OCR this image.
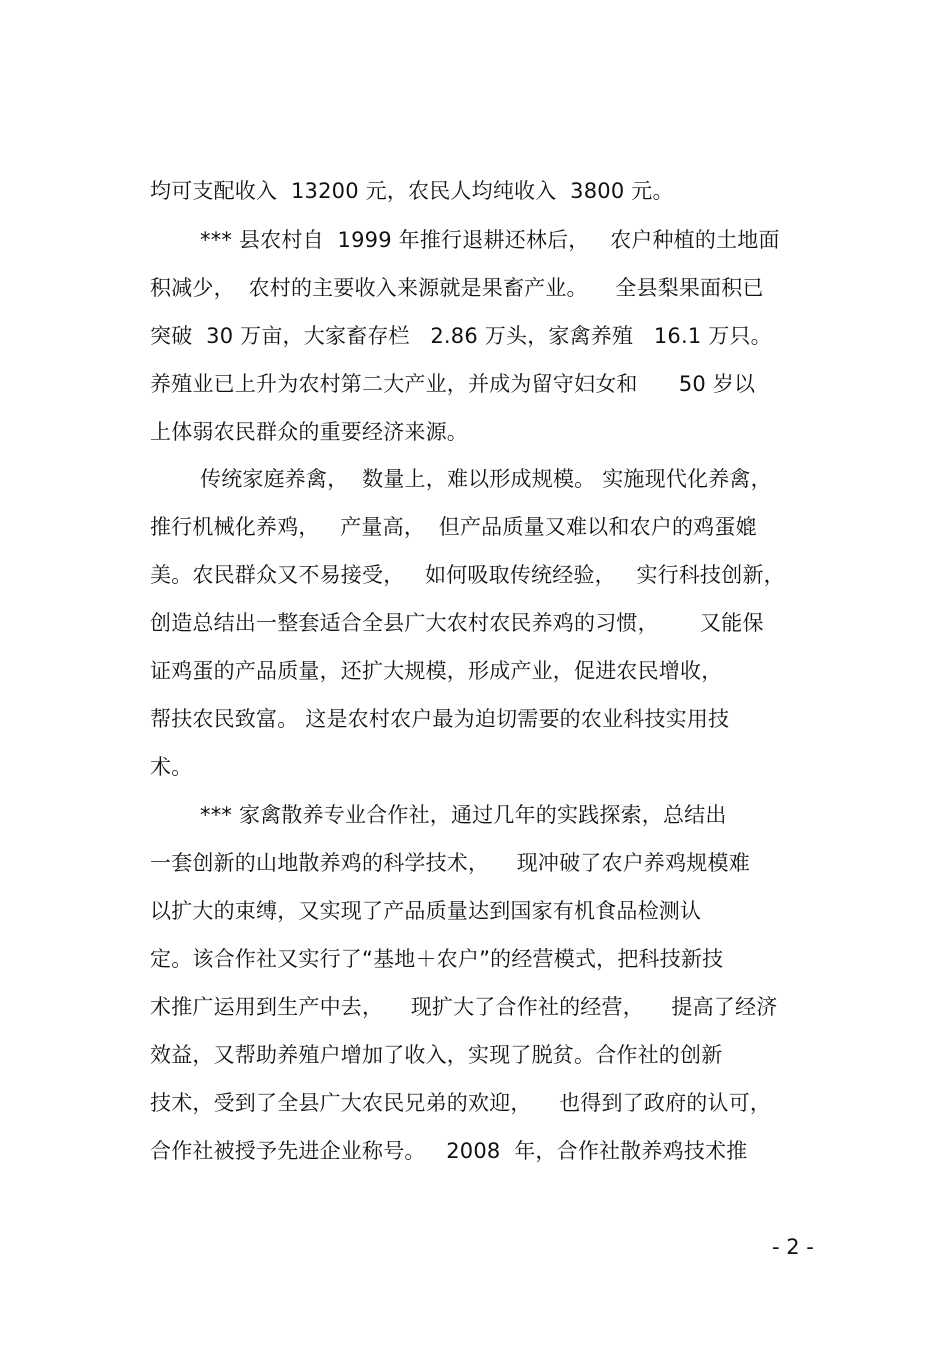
均可支配收入  13200 元，农民人均纯收入  3800 元。
*** 县农村自  1999 年推行退耕还林后，   农户种植的土地面
积减少，  农村的主要收入来源就是果畜产业。    全县梨果面积已
突破  30 万亩，大家畜存栏   2.86 万头，家禽养殖   16.1 万只。
养殖业已上升为农村第二大产业，并成为留守妇女和      50 岁以
上体弱农民群众的重要经济来源。
传统家庭养禽，  数量上，难以形成规模。 实施现代化养禽，
推行机械化养鸡，   产量高，  但产品质量又难以和农户的鸡蛋媲
美。农民群众又不易接受，   如何吸取传统经验，   实行科技创新，
创造总结出一整套适合全县广大农村农民养鸡的习惯，      又能保
证鸡蛋的产品质量，还扩大规模，形成产业，促进农民增收，
帮扶农民致富。 这是农村农户最为迫切需要的农业科技实用技
术。
*** 家禽散养专业合作社，通过几年的实践探索，总结出
一套创新的山地散养鸡的科学技术，    现冲破了农户养鸡规模难
以扩大的束缚，又实现了产品质量达到国家有机食品检测认
定。该合作社又实行了“基地＋农户”的经营模式，把科技新技
术推广运用到生产中去，    现扩大了合作社的经营，    提高了经济
效益，又帮助养殖户增加了收入，实现了脱贫。合作社的创新
技术，受到了全县广大农民兄弟的欢迎，    也得到了政府的认可，
合作社被授予先进企业称号。   2008  年，合作社散养鸡技术推
- 2 -
